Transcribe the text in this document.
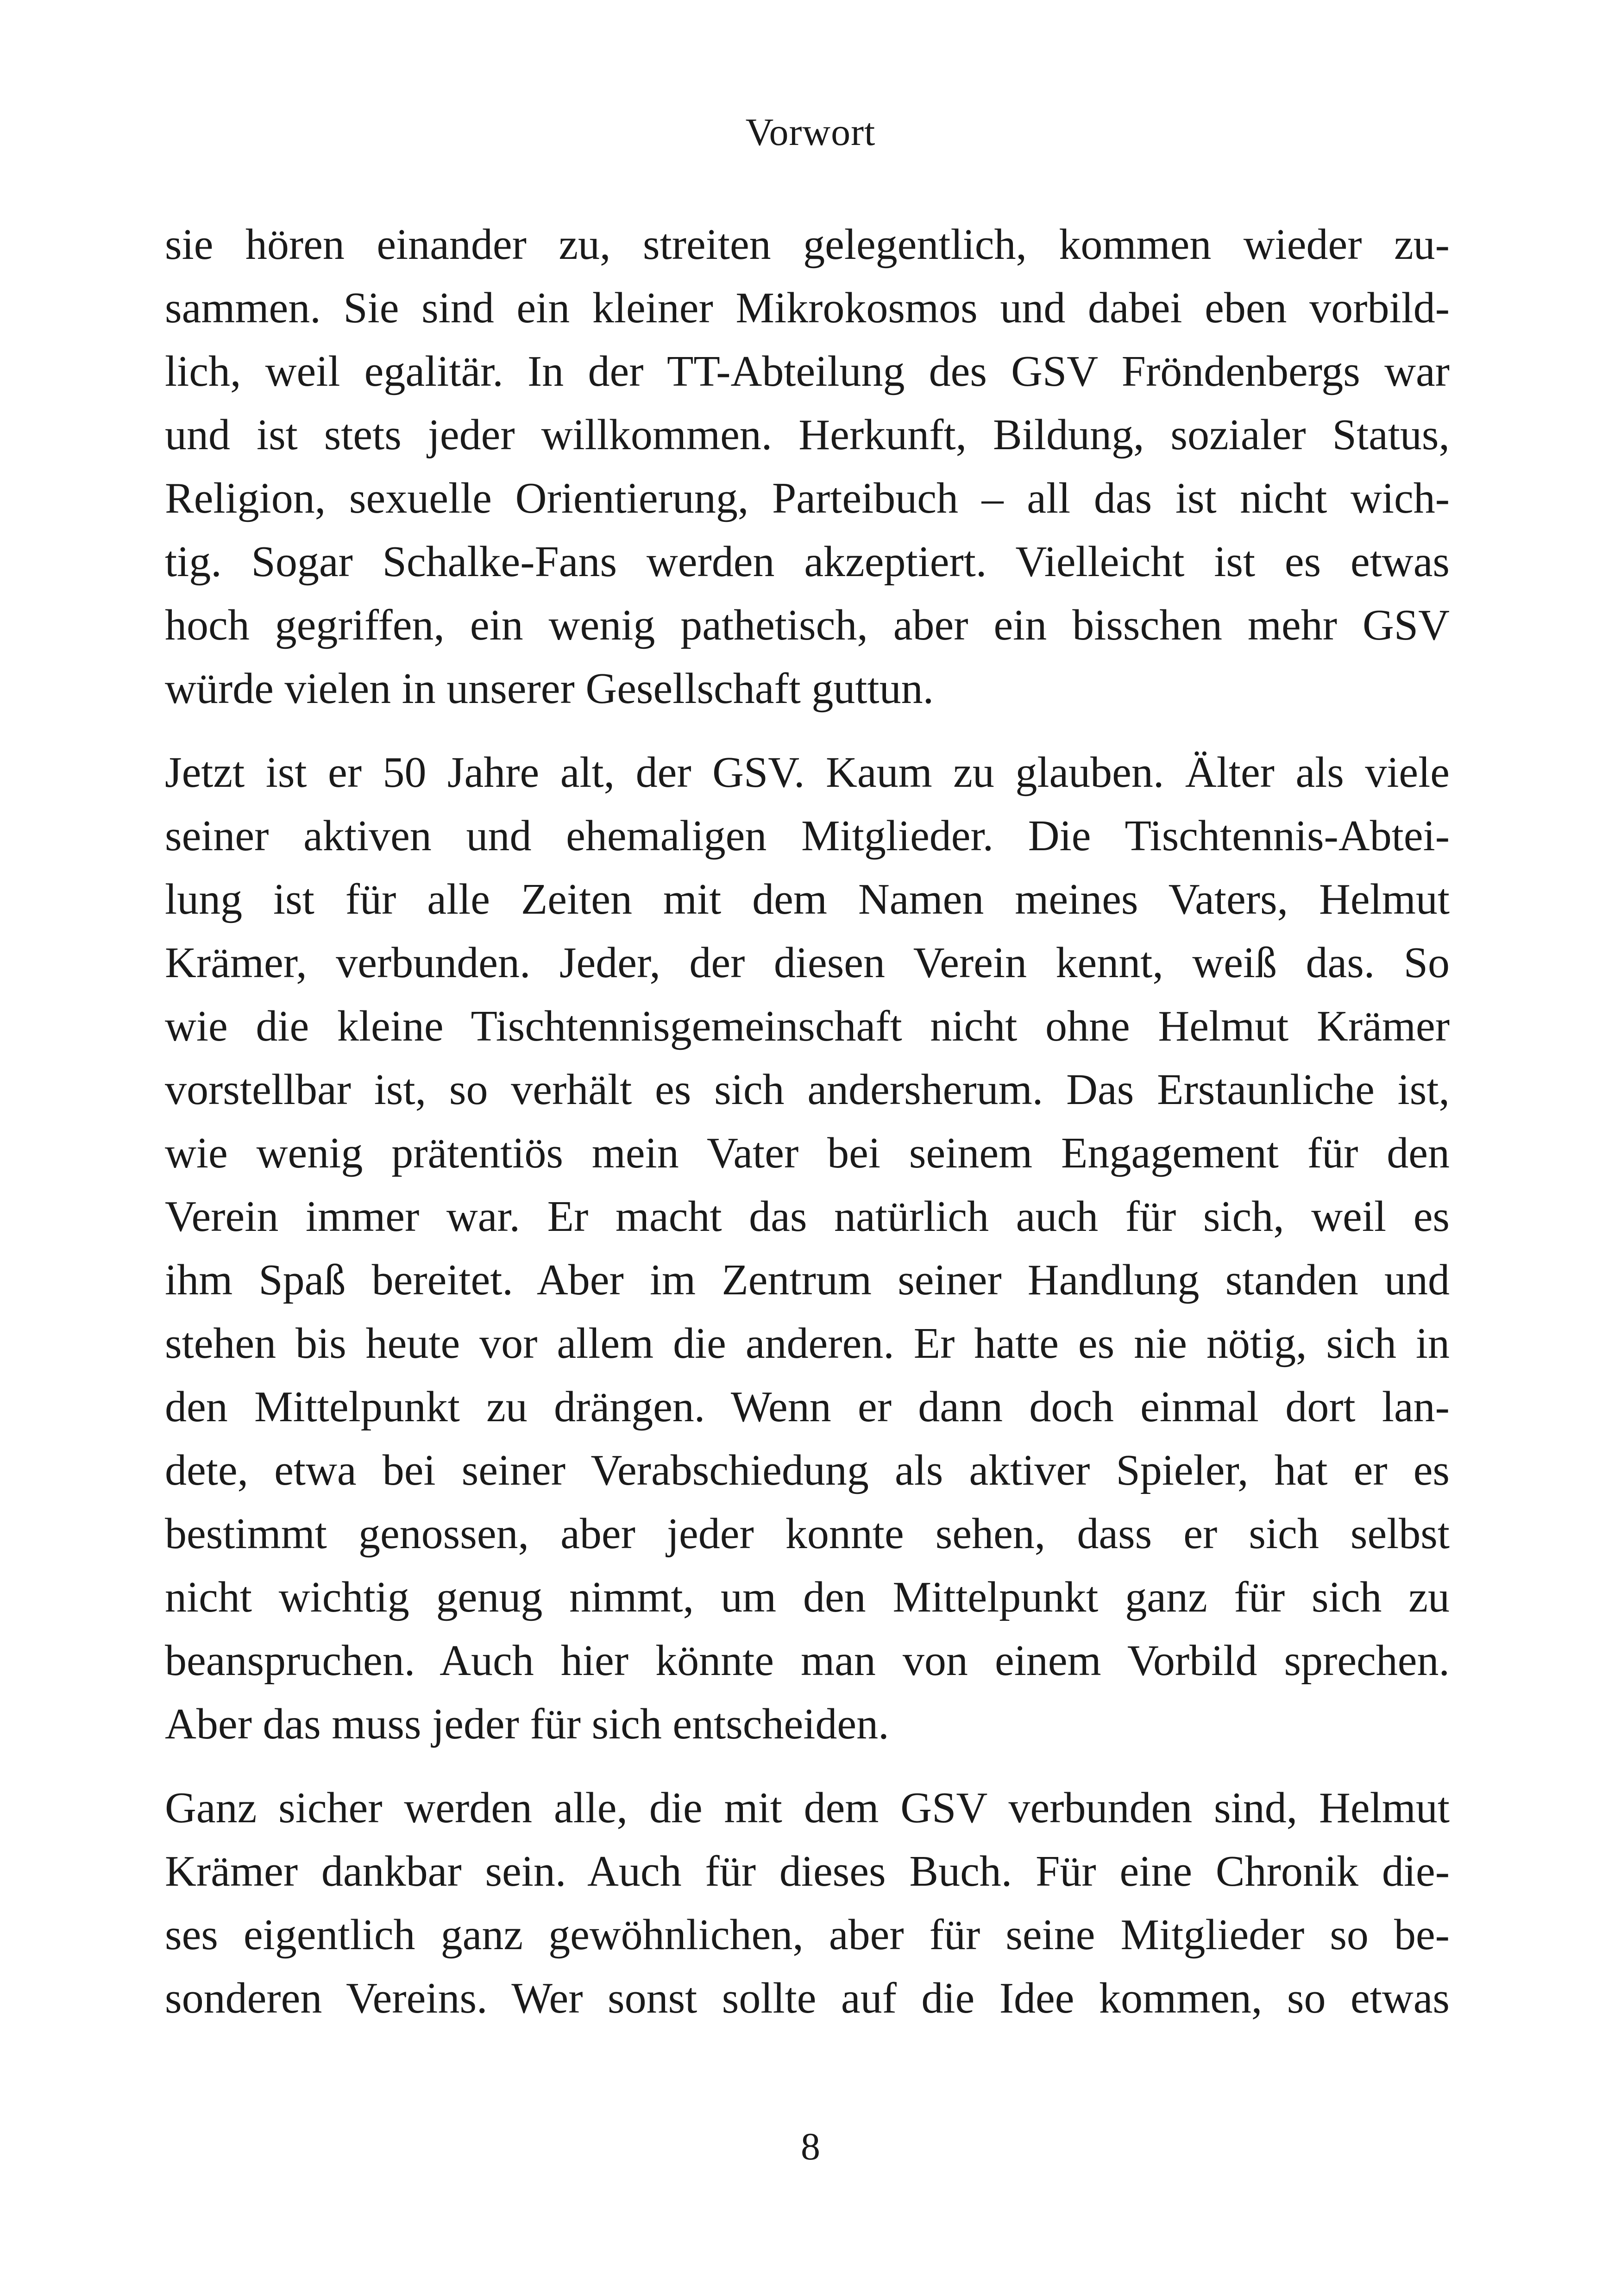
Vorwort
sie hören einander zu, streiten gelegentlich, kommen wieder zu-
sammen. Sie sind ein kleiner Mikrokosmos und dabei eben vorbild-
lich, weil egalitär. In der TT-Abteilung des GSV Fröndenbergs war
und ist stets jeder willkommen. Herkunft, Bildung, sozialer Status,
Religion, sexuelle Orientierung, Parteibuch – all das ist nicht wich-
tig. Sogar Schalke-Fans werden akzeptiert. Vielleicht ist es etwas
hoch gegriffen, ein wenig pathetisch, aber ein bisschen mehr GSV
würde vielen in unserer Gesellschaft guttun.
Jetzt ist er 50 Jahre alt, der GSV. Kaum zu glauben. Älter als viele
seiner aktiven und ehemaligen Mitglieder. Die Tischtennis-Abtei-
lung ist für alle Zeiten mit dem Namen meines Vaters, Helmut
Krämer, verbunden. Jeder, der diesen Verein kennt, weiß das. So
wie die kleine Tischtennisgemeinschaft nicht ohne Helmut Krämer
vorstellbar ist, so verhält es sich andersherum. Das Erstaunliche ist,
wie wenig prätentiös mein Vater bei seinem Engagement für den
Verein immer war. Er macht das natürlich auch für sich, weil es
ihm Spaß bereitet. Aber im Zentrum seiner Handlung standen und
stehen bis heute vor allem die anderen. Er hatte es nie nötig, sich in
den Mittelpunkt zu drängen. Wenn er dann doch einmal dort lan-
dete, etwa bei seiner Verabschiedung als aktiver Spieler, hat er es
bestimmt genossen, aber jeder konnte sehen, dass er sich selbst
nicht wichtig genug nimmt, um den Mittelpunkt ganz für sich zu
beanspruchen. Auch hier könnte man von einem Vorbild sprechen.
Aber das muss jeder für sich entscheiden.
Ganz sicher werden alle, die mit dem GSV verbunden sind, Helmut
Krämer dankbar sein. Auch für dieses Buch. Für eine Chronik die-
ses eigentlich ganz gewöhnlichen, aber für seine Mitglieder so be-
sonderen Vereins. Wer sonst sollte auf die Idee kommen, so etwas
8
